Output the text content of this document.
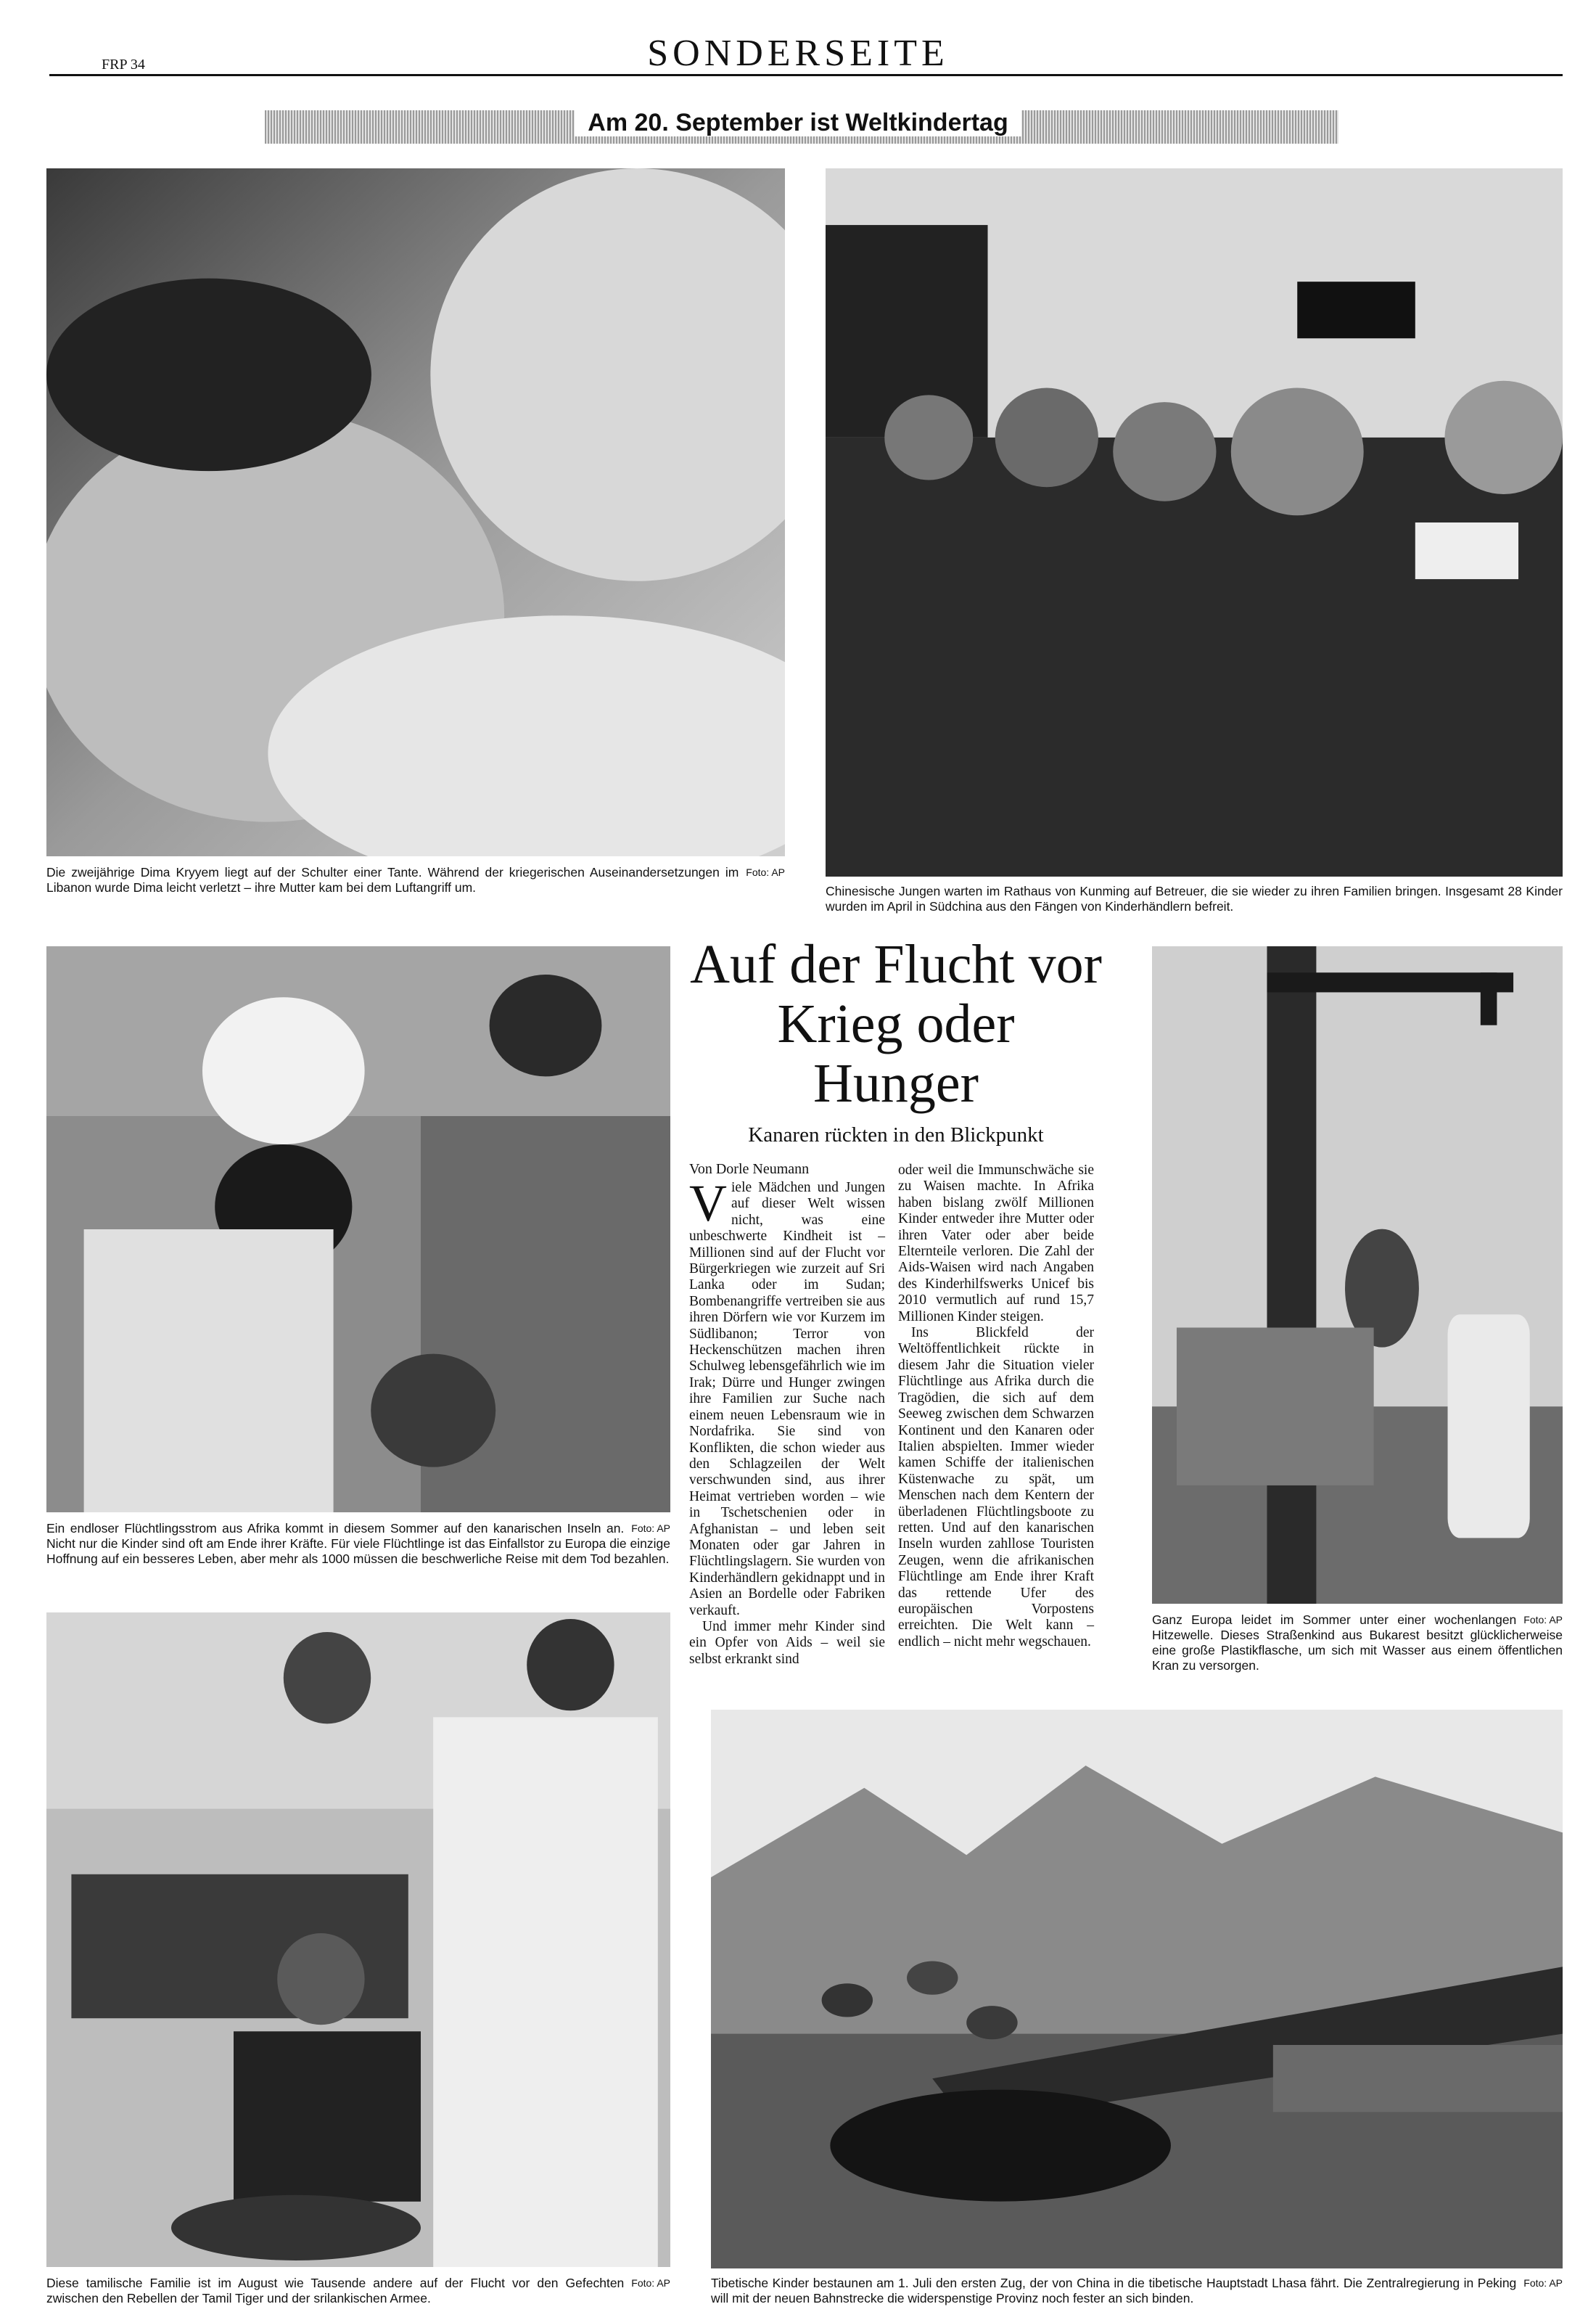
FRP 34	SONDERSEITE
Am 20. September ist Weltkindertag
Foto: AP
Die zweijährige Dima Kryyem liegt auf der Schulter einer Tante. Während der kriegerischen Auseinandersetzungen im Libanon wurde Dima leicht verletzt – ihre Mutter kam bei dem Luftangriff um.	Chinesische Jungen warten im Rathaus von Kunming auf Betreuer, die sie wieder zu ihren Familien bringen. Insgesamt 28 Kinder wurden im April in Südchina aus den Fängen von Kinderhändlern befreit.
Foto: AP
Ein endloser Flüchtlingsstrom aus Afrika kommt in diesem Sommer auf den kanarischen Inseln an. Nicht nur die Kinder sind oft am Ende ihrer Kräfte. Für viele Flüchtlinge ist das Einfallstor zu Europa die einzige Hoffnung auf ein besseres Leben, aber mehr als 1000 müssen die beschwerliche Reise mit dem Tod bezahlen.
Auf der Flucht vor Krieg oder Hunger
Kanaren rückten in den Blickpunkt
Von Dorle Neumann

Viele Mädchen und Jungen auf dieser Welt wissen nicht, was eine unbeschwerte Kindheit ist – Millionen sind auf der Flucht vor Bürgerkriegen wie zurzeit auf Sri Lanka oder im Sudan; Bombenangriffe vertreiben sie aus ihren Dörfern wie vor Kurzem im Südlibanon; Terror von Heckenschützen machen ihren Schulweg lebensgefährlich wie im Irak; Dürre und Hunger zwingen ihre Familien zur Suche nach einem neuen Lebensraum wie in Nordafrika. Sie sind von Konflikten, die schon wieder aus den Schlagzeilen der Welt verschwunden sind, aus ihrer Heimat vertrieben worden – wie in Tschetschenien oder in Afghanistan – und leben seit Monaten oder gar Jahren in Flüchtlingslagern. Sie wurden von Kinderhändlern gekidnappt und in Asien an Bordelle oder Fabriken verkauft.

Und immer mehr Kinder sind ein Opfer von Aids – weil sie selbst erkrankt sind

oder weil die Immunschwäche sie zu Waisen machte. In Afrika haben bislang zwölf Millionen Kinder entweder ihre Mutter oder ihren Vater oder aber beide Elternteile verloren. Die Zahl der Aids-Waisen wird nach Angaben des Kinderhilfswerks Unicef bis 2010 vermutlich auf rund 15,7 Millionen Kinder steigen.

Ins Blickfeld der Weltöffentlichkeit rückte in diesem Jahr die Situation vieler Flüchtlinge aus Afrika durch die Tragödien, die sich auf dem Seeweg zwischen dem Schwarzen Kontinent und den Kanaren oder Italien abspielten. Immer wieder kamen Schiffe der italienischen Küstenwache zu spät, um Menschen nach dem Kentern der überladenen Flüchtlingsboote zu retten. Und auf den kanarischen Inseln wurden zahllose Touristen Zeugen, wenn die afrikanischen Flüchtlinge am Ende ihrer Kraft das rettende Ufer des europäischen Vorpostens erreichten. Die Welt kann – endlich – nicht mehr wegschauen.

Foto: AP
Ganz Europa leidet im Sommer unter einer wochenlangen Hitzewelle. Dieses Straßenkind aus Bukarest besitzt glücklicherweise eine große Plastikflasche, um sich mit Wasser aus einem öffentlichen Kran zu versorgen.
Foto: AP
Diese tamilische Familie ist im August wie Tausende andere auf der Flucht vor den Gefechten zwischen den Rebellen der Tamil Tiger und der srilankischen Armee.
Foto: AP
Tibetische Kinder bestaunen am 1. Juli den ersten Zug, der von China in die tibetische Hauptstadt Lhasa fährt. Die Zentralregierung in Peking will mit der neuen Bahnstrecke die widerspenstige Provinz noch fester an sich binden.
